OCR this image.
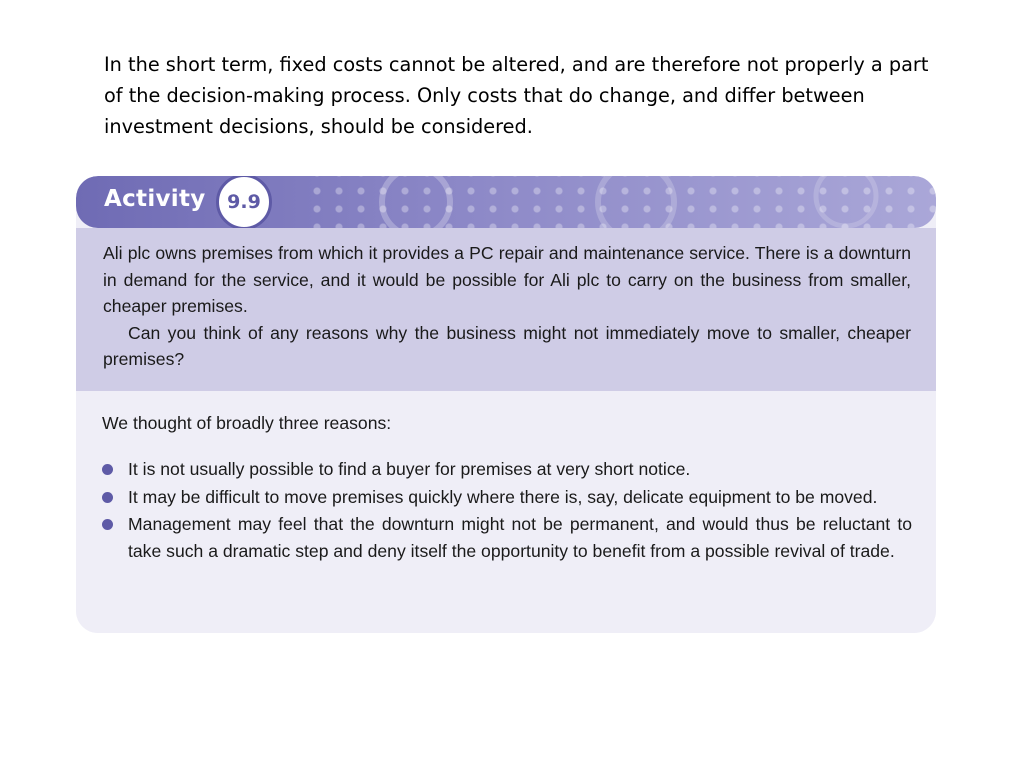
In the short term, fixed costs cannot be altered, and are therefore not properly a part of the decision-making process. Only costs that do change, and differ between investment decisions, should be considered.

Activity	9.9

Ali plc owns premises from which it provides a PC repair and maintenance service. There is a downturn in demand for the service, and it would be possible for Ali plc to carry on the business from smaller, cheaper premises.

Can you think of any reasons why the business might not immediately move to smaller, cheaper premises?

We thought of broadly three reasons:

It is not usually possible to find a buyer for premises at very short notice.
It may be difficult to move premises quickly where there is, say, delicate equipment to be moved.
Management may feel that the downturn might not be permanent, and would thus be reluctant to take such a dramatic step and deny itself the opportunity to benefit from a possible revival of trade.
